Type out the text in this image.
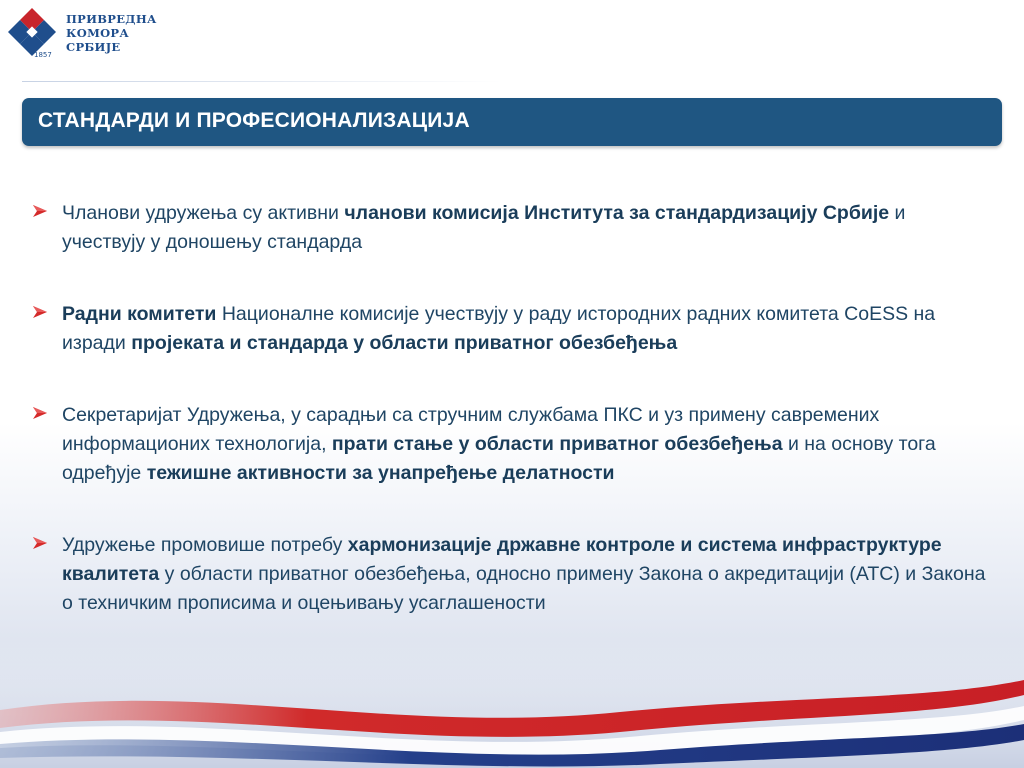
1857
ПРИВРЕДНА
КОМОРА
СРБИЈЕ
СТАНДАРДИ И ПРОФЕСИОНАЛИЗАЦИЈА
Чланови удружења су активни чланови комисија Института за стандардизацију Србије и учествују у доношењу стандарда
Радни комитети Националне комисије учествују у раду истородних радних комитета CoESS на изради пројеката и стандарда у области приватног обезбеђења
Секретаријат Удружења, у сарадњи са стручним службама ПКС и уз примену савремених информационих технологија, прати стање у области приватног обезбеђења и на основу тога одређује тежишне активности за унапређење делатности
Удружење промовише потребу хармонизације државне контроле и система инфраструктуре квалитета у области приватног обезбеђења, односно примену Закона о акредитацији (АТС) и Закона о техничким прописима и оцењивању усаглашености
